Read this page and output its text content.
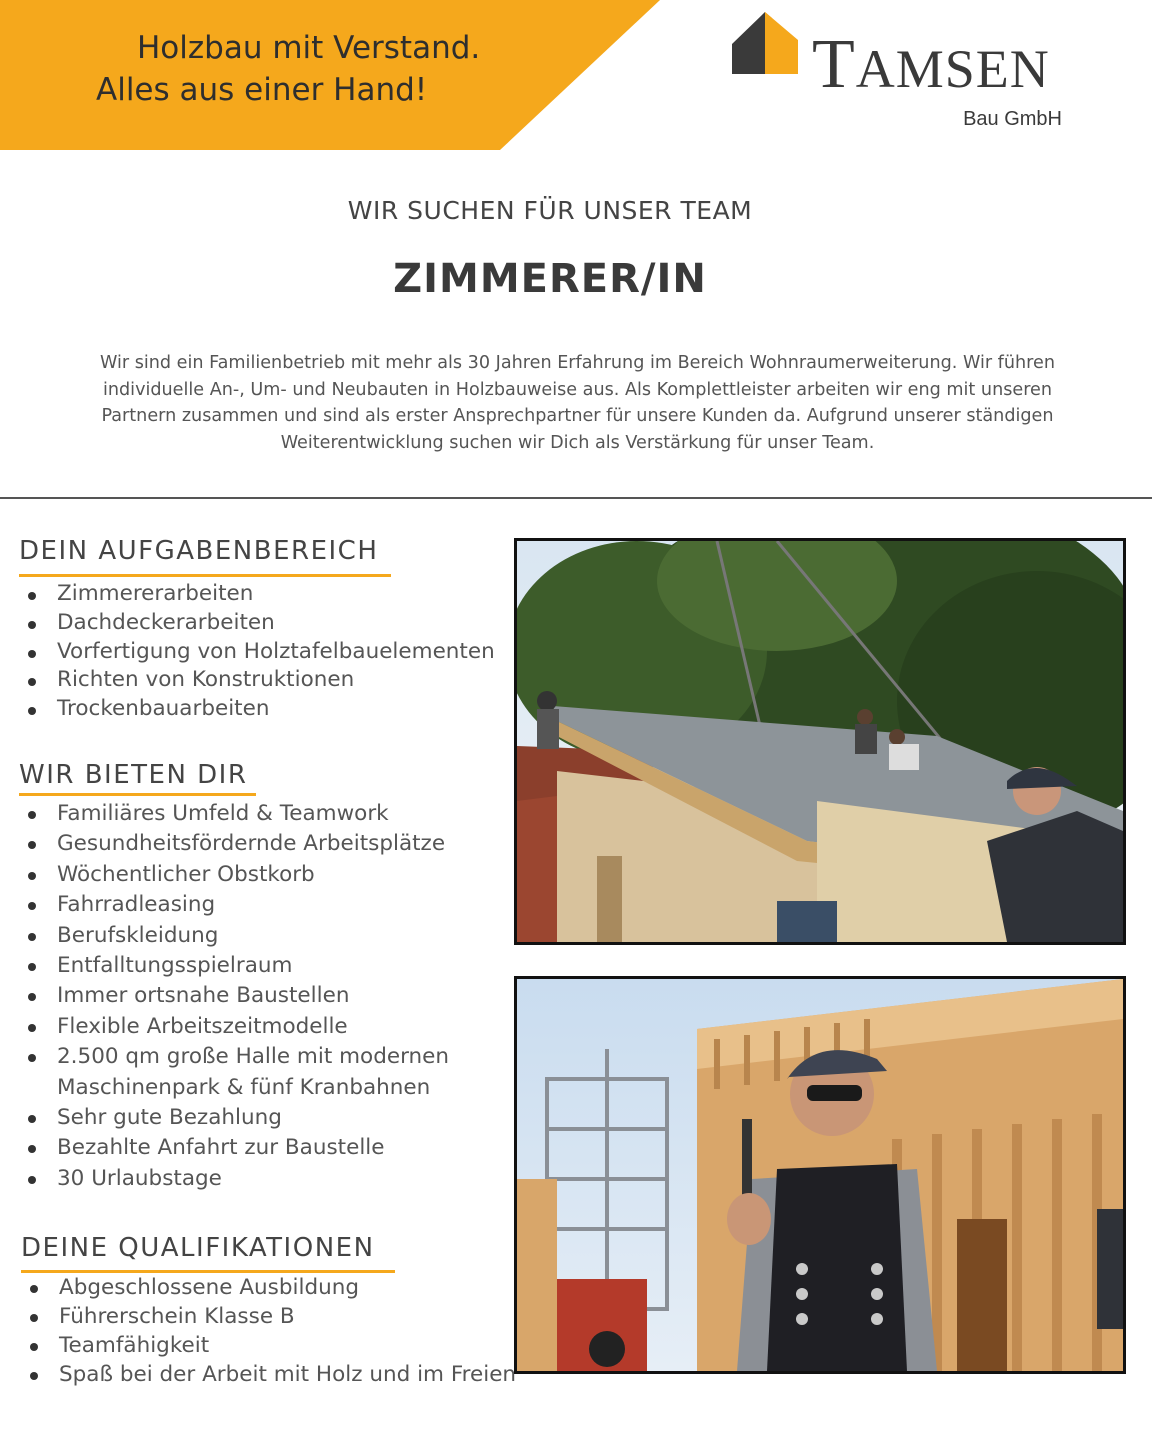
Holzbau mit Verstand.
Alles aus einer Hand!	TAMSEN
Bau GmbH
WIR SUCHEN FÜR UNSER TEAM
ZIMMERER/IN
Wir sind ein Familienbetrieb mit mehr als 30 Jahren Erfahrung im Bereich Wohnraumerweiterung. Wir führen individuelle An-, Um- und Neubauten in Holzbauweise aus. Als Komplettleister arbeiten wir eng mit unseren Partnern zusammen und sind als erster Ansprechpartner für unsere Kunden da. Aufgrund unserer ständigen Weiterentwicklung suchen wir Dich als Verstärkung für unser Team.
DEIN AUFGABENBEREICH
Zimmererarbeiten
Dachdeckerarbeiten
Vorfertigung von Holztafelbauelementen
Richten von Konstruktionen
Trockenbauarbeiten
WIR BIETEN DIR
Familiäres Umfeld & Teamwork
Gesundheitsfördernde Arbeitsplätze
Wöchentlicher Obstkorb
Fahrradleasing
Berufskleidung
Entfalltungsspielraum
Immer ortsnahe Baustellen
Flexible Arbeitszeitmodelle
2.500 qm große Halle mit modernen
Maschinenpark & fünf Kranbahnen
Sehr gute Bezahlung
Bezahlte Anfahrt zur Baustelle
30 Urlaubstage
DEINE QUALIFIKATIONEN
Abgeschlossene Ausbildung
Führerschein Klasse B
Teamfähigkeit
Spaß bei der Arbeit mit Holz und im Freien
